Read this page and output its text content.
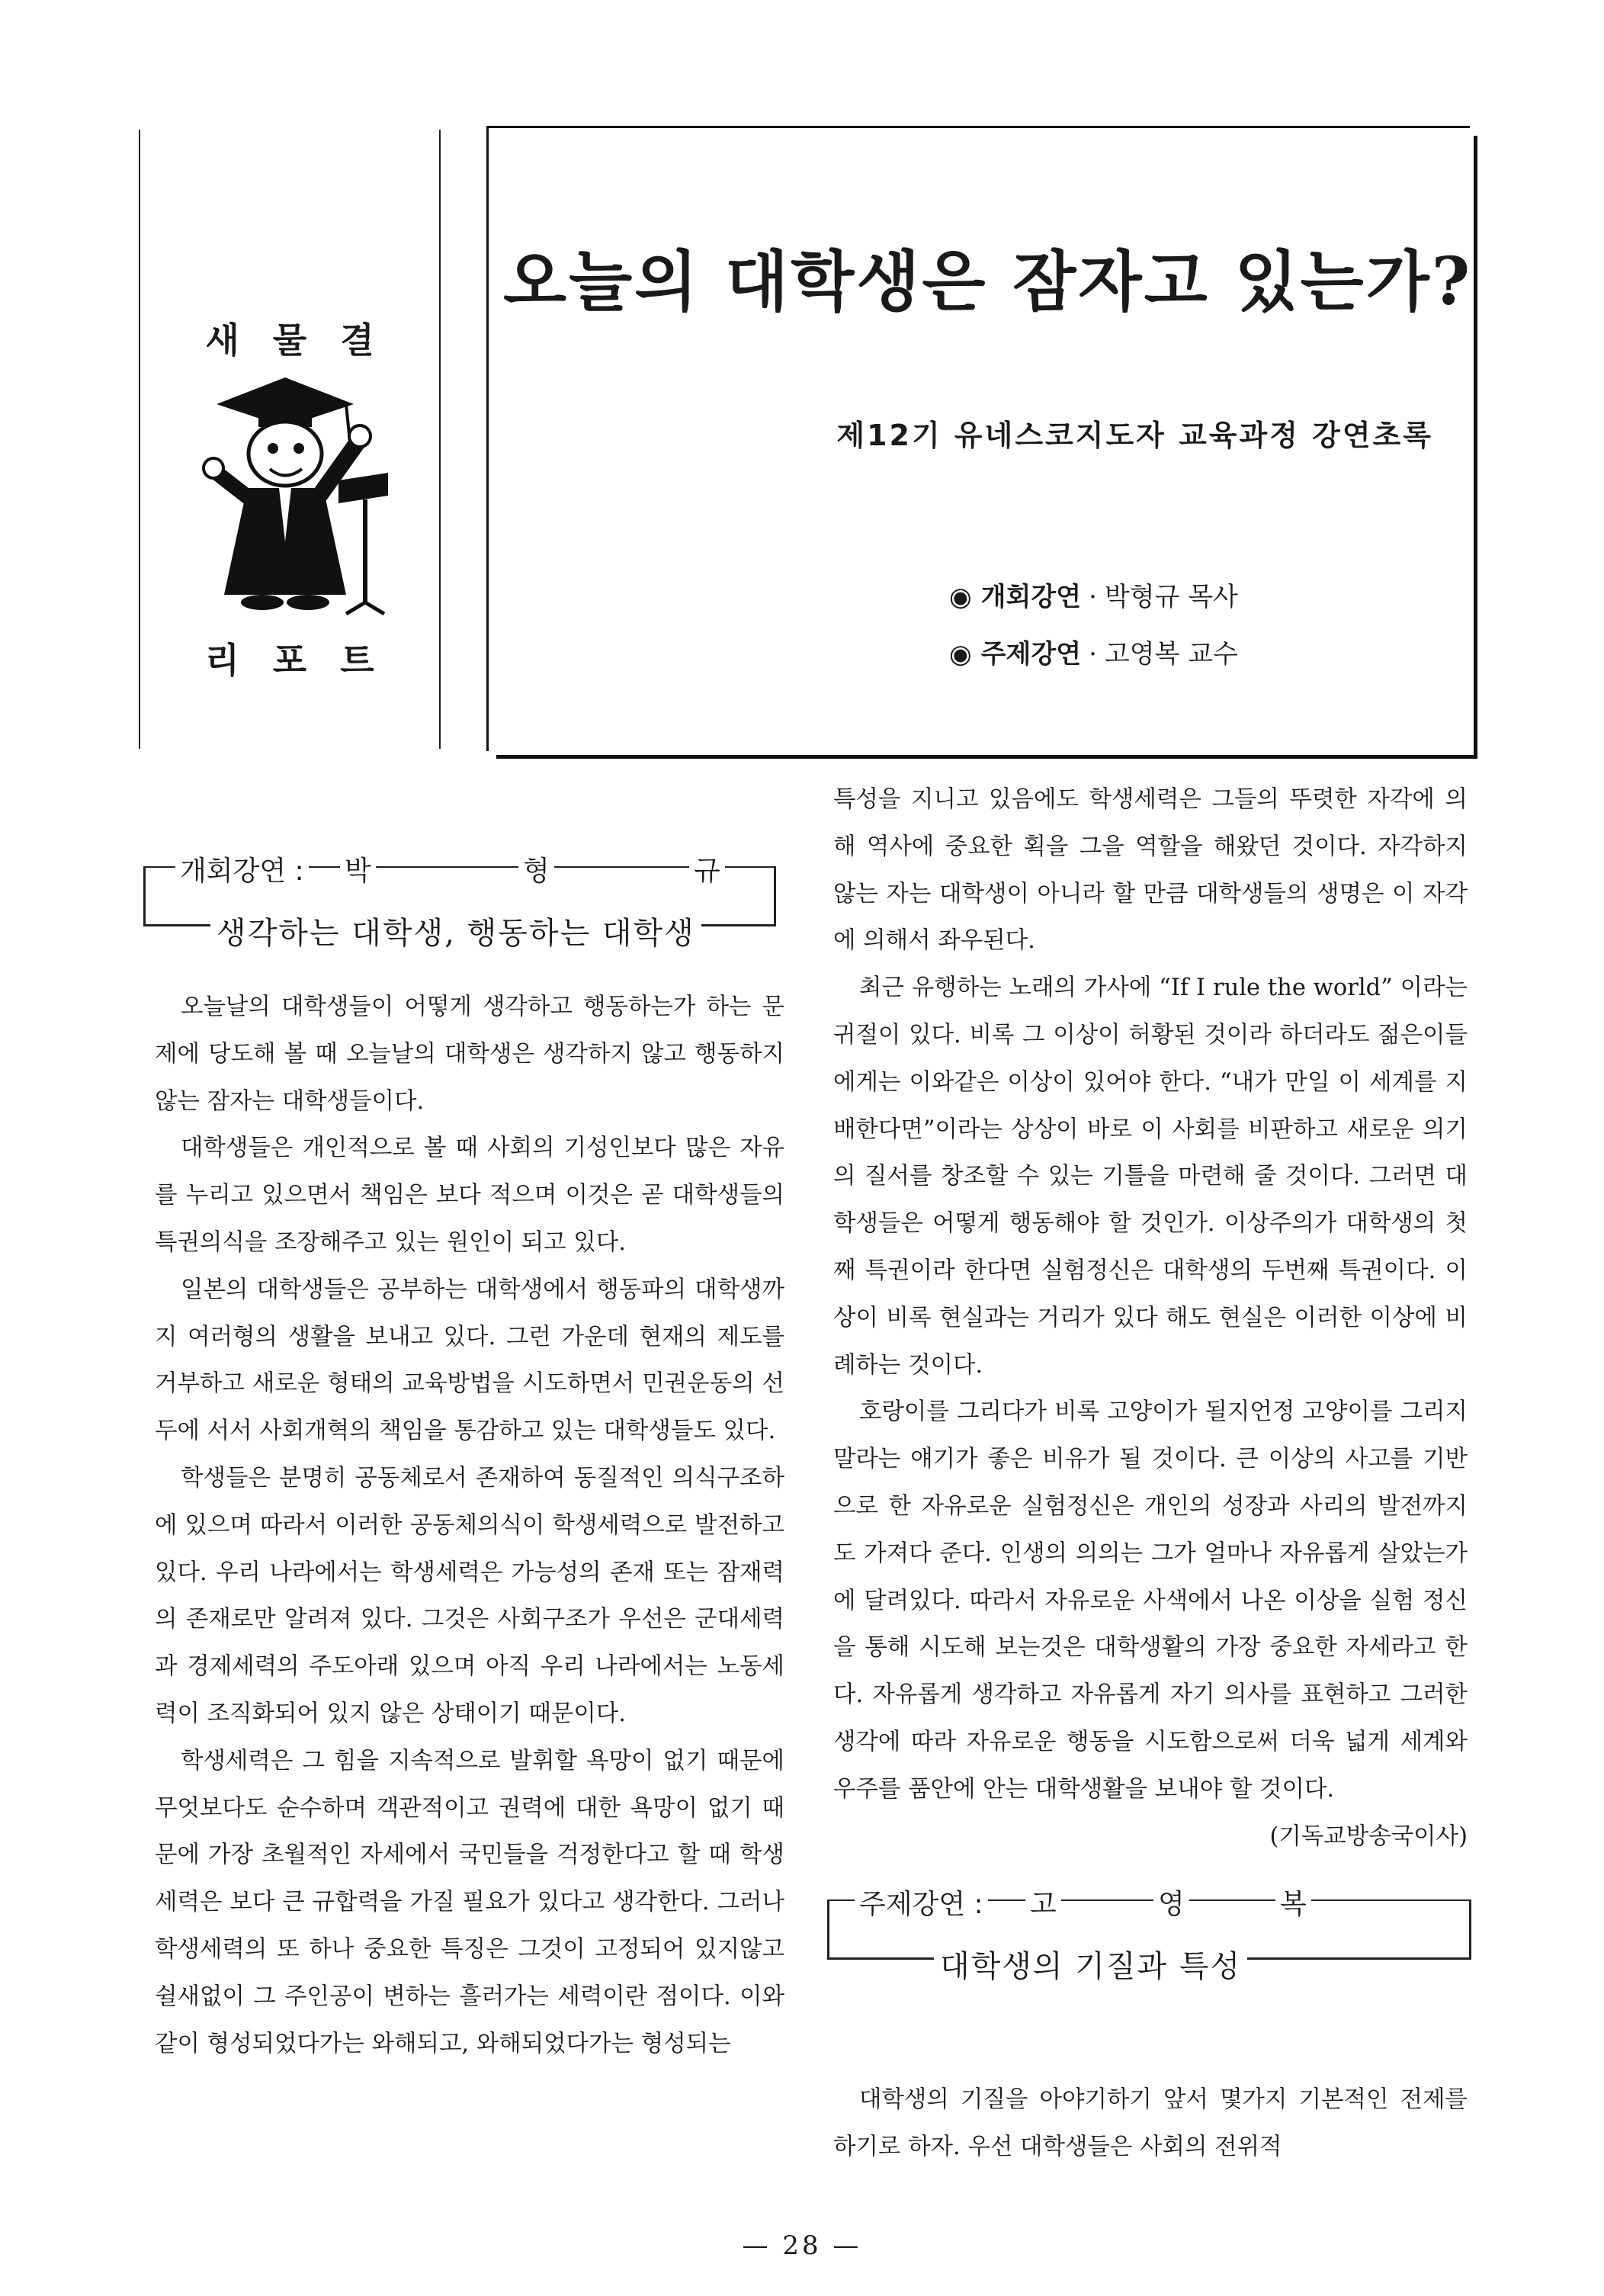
새물결
리포트
오늘의 대학생은 잠자고 있는가?
제12기 유네스코지도자 교육과정 강연초록
◉ 개회강연 · 박형규 목사
◉ 주제강연 · 고영복 교수
개회강연 : 박	형	규
생각하는 대학생, 행동하는 대학생
주제강연 : 고	영	복
대학생의 기질과 특성

오늘날의 대학생들이 어떻게 생각하고 행동하는가 하는 문제에 당도해 볼 때 오늘날의 대학생은 생각하지 않고 행동하지 않는 잠자는 대학생들이다.

대학생들은 개인적으로 볼 때 사회의 기성인보다 많은 자유를 누리고 있으면서 책임은 보다 적으며 이것은 곧 대학생들의 특권의식을 조장해주고 있는 원인이 되고 있다.

일본의 대학생들은 공부하는 대학생에서 행동파의 대학생까지 여러형의 생활을 보내고 있다. 그런 가운데 현재의 제도를 거부하고 새로운 형태의 교육방법을 시도하면서 민권운동의 선두에 서서 사회개혁의 책임을 통감하고 있는 대학생들도 있다.

학생들은 분명히 공동체로서 존재하여 동질적인 의식구조하에 있으며 따라서 이러한 공동체의식이 학생세력으로 발전하고 있다. 우리 나라에서는 학생세력은 가능성의 존재 또는 잠재력의 존재로만 알려져 있다. 그것은 사회구조가 우선은 군대세력과 경제세력의 주도아래 있으며 아직 우리 나라에서는 노동세력이 조직화되어 있지 않은 상태이기 때문이다.

학생세력은 그 힘을 지속적으로 발휘할 욕망이 없기 때문에 무엇보다도 순수하며 객관적이고 권력에 대한 욕망이 없기 때문에 가장 초월적인 자세에서 국민들을 걱정한다고 할 때 학생세력은 보다 큰 규합력을 가질 필요가 있다고 생각한다. 그러나 학생세력의 또 하나 중요한 특징은 그것이 고정되어 있지않고 쉴새없이 그 주인공이 변하는 흘러가는 세력이란 점이다. 이와같이 형성되었다가는 와해되고, 와해되었다가는 형성되는

특성을 지니고 있음에도 학생세력은 그들의 뚜렷한 자각에 의해 역사에 중요한 획을 그을 역할을 해왔던 것이다. 자각하지 않는 자는 대학생이 아니라 할 만큼 대학생들의 생명은 이 자각에 의해서 좌우된다.

최근 유행하는 노래의 가사에 “If I rule the world” 이라는 귀절이 있다. 비록 그 이상이 허황된 것이라 하더라도 젊은이들에게는 이와같은 이상이 있어야 한다. “내가 만일 이 세계를 지배한다면”이라는 상상이 바로 이 사회를 비판하고 새로운 의기의 질서를 창조할 수 있는 기틀을 마련해 줄 것이다. 그러면 대학생들은 어떻게 행동해야 할 것인가. 이상주의가 대학생의 첫째 특권이라 한다면 실험정신은 대학생의 두번째 특권이다. 이상이 비록 현실과는 거리가 있다 해도 현실은 이러한 이상에 비례하는 것이다.

호랑이를 그리다가 비록 고양이가 될지언정 고양이를 그리지 말라는 얘기가 좋은 비유가 될 것이다. 큰 이상의 사고를 기반으로 한 자유로운 실험정신은 개인의 성장과 사리의 발전까지도 가져다 준다. 인생의 의의는 그가 얼마나 자유롭게 살았는가에 달려있다. 따라서 자유로운 사색에서 나온 이상을 실험 정신을 통해 시도해 보는것은 대학생활의 가장 중요한 자세라고 한다. 자유롭게 생각하고 자유롭게 자기 의사를 표현하고 그러한 생각에 따라 자유로운 행동을 시도함으로써 더욱 넓게 세계와 우주를 품안에 안는 대학생활을 보내야 할 것이다.
(기독교방송국이사)

대학생의 기질을 아야기하기 앞서 몇가지 기본적인 전제를 하기로 하자. 우선 대학생들은 사회의 전위적

— 28 —
